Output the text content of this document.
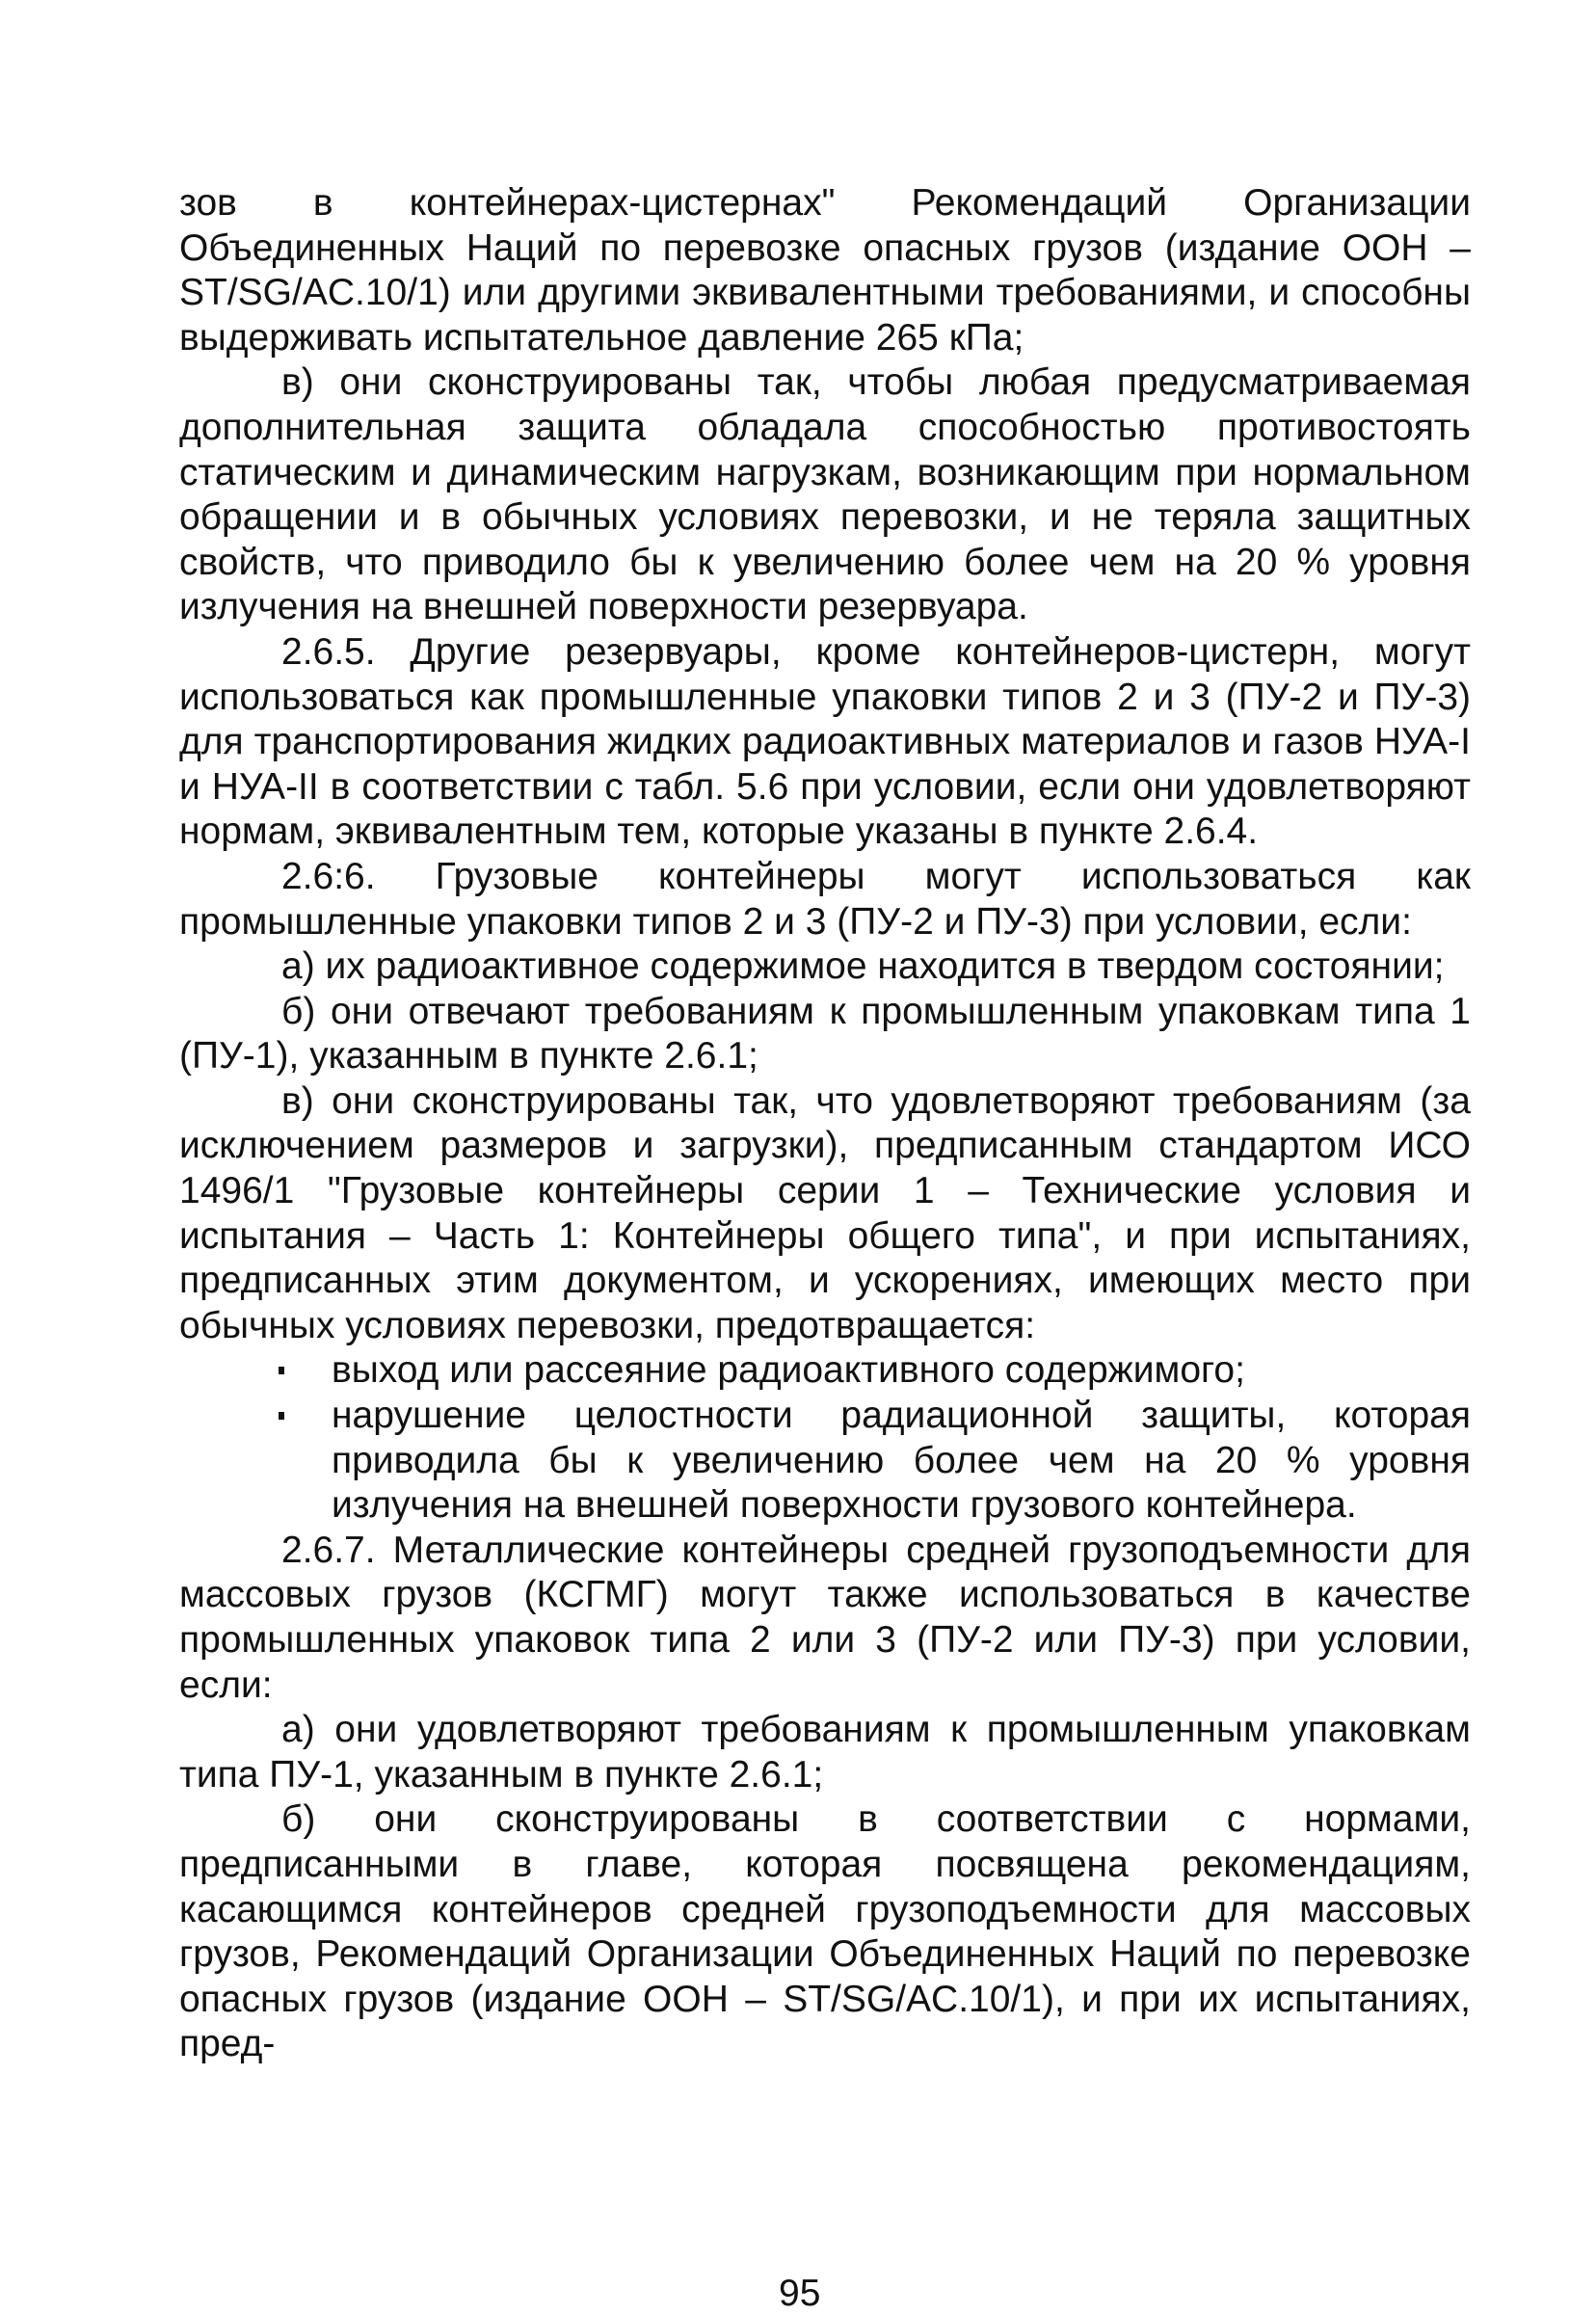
зов в контейнерах-цистернах" Рекомендаций Организации Объединенных Наций по перевозке опасных грузов (издание ООН – ST/SG/AC.10/1) или другими эквивалентными требованиями, и способны выдерживать испытательное давление 265 кПа;

в) они сконструированы так, чтобы любая предусматриваемая дополнительная защита обладала способностью противостоять статическим и динамическим нагрузкам, возникающим при нормальном обращении и в обычных условиях перевозки, и не теряла защитных свойств, что приводило бы к увеличению более чем на 20 % уровня излучения на внешней поверхности резервуара.

2.6.5. Другие резервуары, кроме контейнеров-цистерн, могут использоваться как промышленные упаковки типов 2 и 3 (ПУ-2 и ПУ-3) для транспортирования жидких радиоактивных материалов и газов НУА-I и НУА-II в соответствии с табл. 5.6 при условии, если они удовлетворяют нормам, эквивалентным тем, которые указаны в пункте 2.6.4.

2.6:6. Грузовые контейнеры могут использоваться как промышленные упаковки типов 2 и 3 (ПУ-2 и ПУ-3) при условии, если:

а) их радиоактивное содержимое находится в твердом состоянии;

б) они отвечают требованиям к промышленным упаковкам типа 1 (ПУ-1), указанным в пункте 2.6.1;

в) они сконструированы так, что удовлетворяют требованиям (за исключением размеров и загрузки), предписанным стандартом ИСО 1496/1 "Грузовые контейнеры серии 1 – Технические условия и испытания – Часть 1: Контейнеры общего типа", и при испытаниях, предписанных этим документом, и ускорениях, имеющих место при обычных условиях перевозки, предотвращается:

выход или рассеяние радиоактивного содержимого;
нарушение целостности радиационной защиты, которая приводила бы к увеличению более чем на 20 % уровня излучения на внешней поверхности грузового контейнера.

2.6.7. Металлические контейнеры средней грузоподъемности для массовых грузов (КСГМГ) могут также использоваться в качестве промышленных упаковок типа 2 или 3 (ПУ-2 или ПУ-3) при условии, если:

а) они удовлетворяют требованиям к промышленным упаковкам типа ПУ-1, указанным в пункте 2.6.1;

б) они сконструированы в соответствии с нормами, предписанными в главе, которая посвящена рекомендациям, касающимся контейнеров средней грузоподъемности для массовых грузов, Рекомендаций Организации Объединенных Наций по перевозке опасных грузов (издание ООН – ST/SG/AC.10/1), и при их испытаниях, пред-

95
